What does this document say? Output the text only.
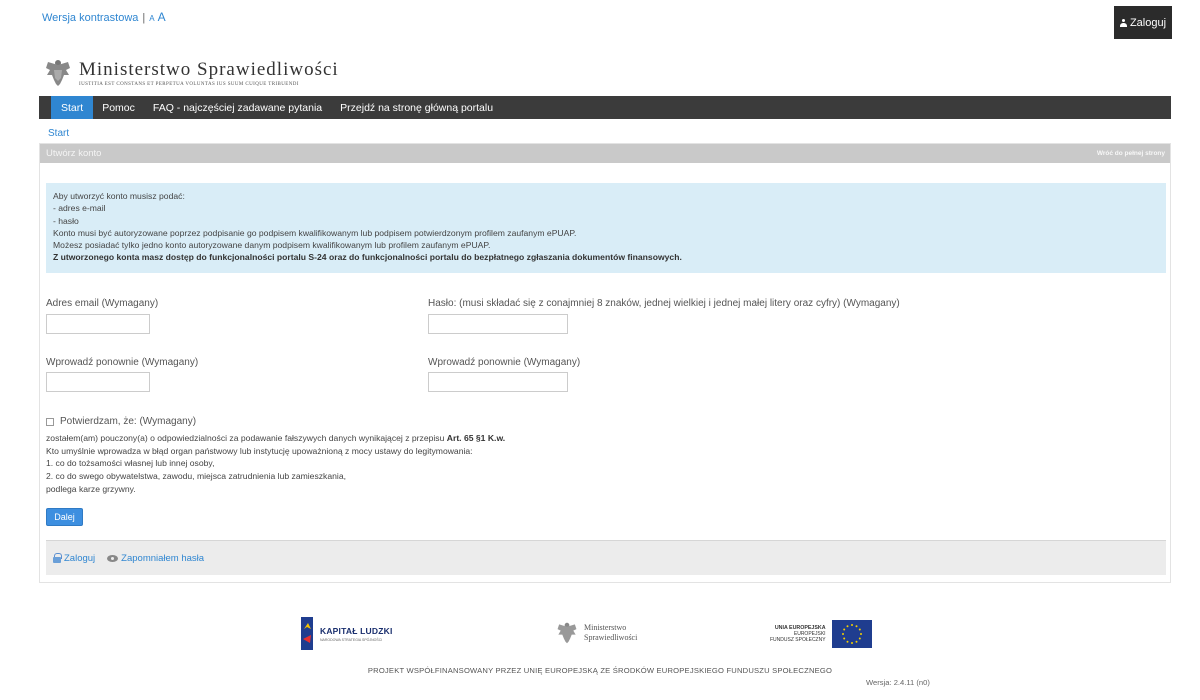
Wersja kontrastowa | A A	Zaloguj
Ministerstwo Sprawiedliwości
IUSTITIA EST CONSTANS ET PERPETUA VOLUNTAS IUS SUUM CUIQUE TRIBUENDI
Start	Pomoc	FAQ - najczęściej zadawane pytania	Przejdź na stronę główną portalu
Start
Utwórz konto	Wróć do pełnej strony
Aby utworzyć konto musisz podać:
- adres e-mail
- hasło
Konto musi być autoryzowane poprzez podpisanie go podpisem kwalifikowanym lub podpisem potwierdzonym profilem zaufanym ePUAP.
Możesz posiadać tylko jedno konto autoryzowane danym podpisem kwalifikowanym lub profilem zaufanym ePUAP.
Z utworzonego konta masz dostęp do funkcjonalności portalu S-24 oraz do funkcjonalności portalu do bezpłatnego zgłaszania dokumentów finansowych.
Adres email (Wymagany)	Hasło: (musi składać się z conajmniej 8 znaków, jednej wielkiej i jednej małej litery oraz cyfry) (Wymagany)
Wprowadź ponownie (Wymagany)	Wprowadź ponownie (Wymagany)
Potwierdzam, że: (Wymagany)
zostałem(am) pouczony(a) o odpowiedzialności za podawanie fałszywych danych wynikającej z przepisu Art. 65 §1 K.w.
Kto umyślnie wprowadza w błąd organ państwowy lub instytucję upoważnioną z mocy ustawy do legitymowania:
1. co do tożsamości własnej lub innej osoby,
2. co do swego obywatelstwa, zawodu, miejsca zatrudnienia lub zamieszkania,
podlega karze grzywny.
Dalej
Zaloguj	Zapomniałem hasła
KAPITAŁ LUDZKI
NARODOWA STRATEGIA SPÓJNOŚCI
Ministerstwo
Sprawiedliwości
UNIA EUROPEJSKA
EUROPEJSKI
FUNDUSZ SPOŁECZNY
PROJEKT WSPÓŁFINANSOWANY PRZEZ UNIĘ EUROPEJSKĄ ZE ŚRODKÓW EUROPEJSKIEGO FUNDUSZU SPOŁECZNEGO
Wersja: 2.4.11 (n0)
